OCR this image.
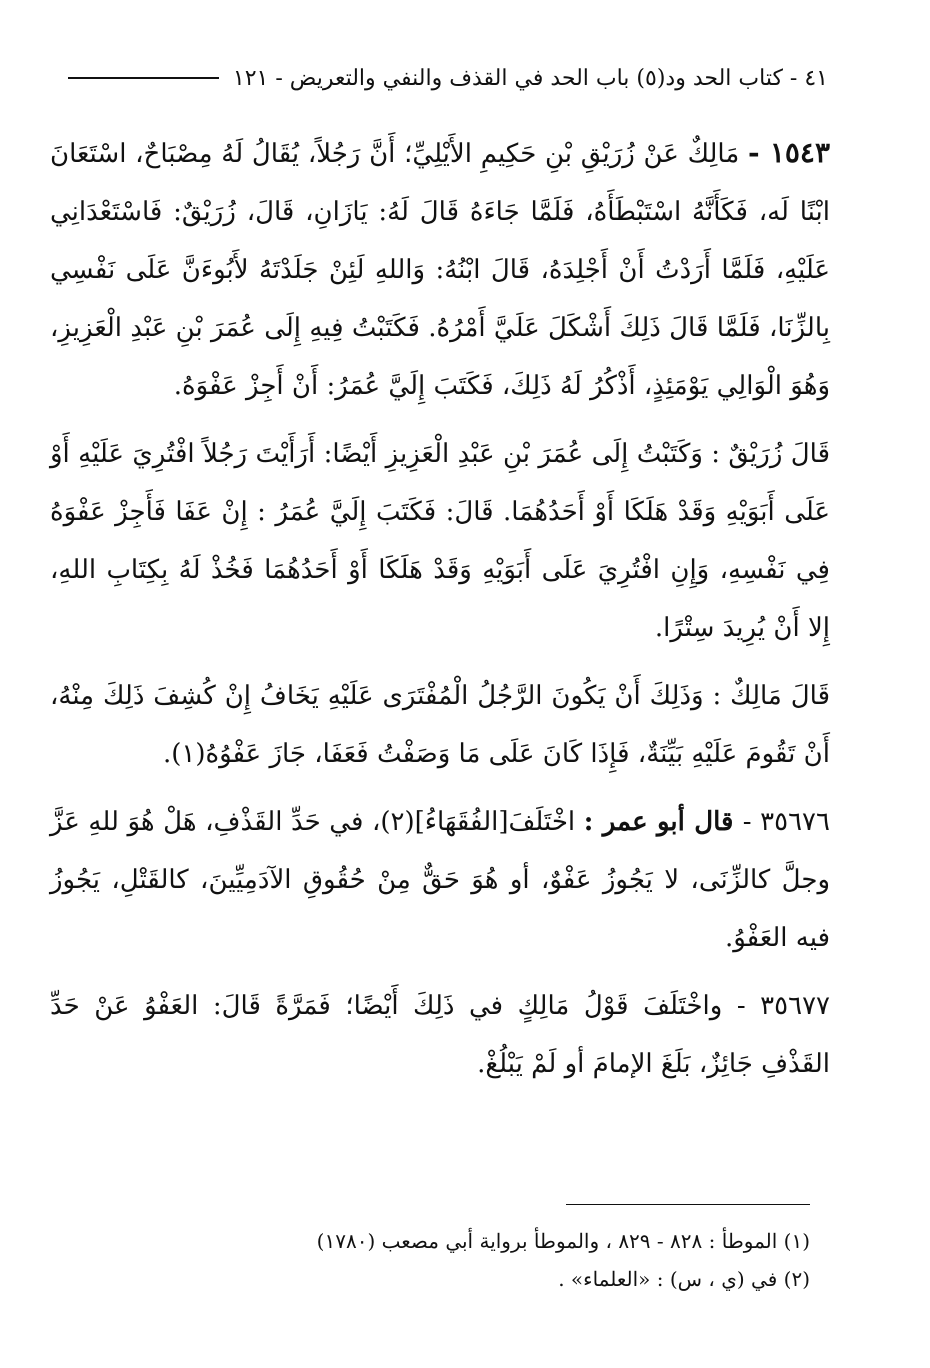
٤١ - كتاب الحد ود(٥) باب الحد في القذف والنفي والتعريض - ١٢١

١٥٤٣ - مَالِكٌ عَنْ زُرَيْقِ بْنِ حَكِيمِ الأَيْلِيِّ؛ أَنَّ رَجُلاً، يُقَالُ لَهُ مِصْبَاحٌ، اسْتَعَانَ ابْنًا لَه، فَكَأَنَّهُ اسْتَبْطَأَهُ، فَلَمَّا جَاءَهُ قَالَ لَهُ: يَازَانِ، قَالَ، زُرَيْقٌ: فَاسْتَعْدَانِي عَلَيْهِ، فَلَمَّا أَرَدْتُ أَنْ أَجْلِدَهُ، قَالَ ابْنُهُ: وَاللهِ لَئِنْ جَلَدْتَهُ لأَبُوءَنَّ عَلَى نَفْسِي بِالزِّنَا، فَلَمَّا قَالَ ذَلِكَ أَشْكَلَ عَلَيَّ أَمْرُهُ. فَكَتَبْتُ فِيهِ إِلَى عُمَرَ بْنِ عَبْدِ الْعَزِيزِ، وَهُوَ الْوَالِي يَوْمَئِذٍ، أَذْكُرُ لَهُ ذَلِكَ، فَكَتَبَ إِلَيَّ عُمَرُ: أَنْ أَجِزْ عَفْوَهُ.

قَالَ زُرَيْقٌ : وَكَتَبْتُ إِلَى عُمَرَ بْنِ عَبْدِ الْعَزِيزِ أَيْضًا: أَرَأَيْتَ رَجُلاً افْتُرِيَ عَلَيْهِ أَوْ عَلَى أَبَوَيْهِ وَقَدْ هَلَكَا أَوْ أَحَدُهُمَا. قَالَ: فَكَتَبَ إِلَيَّ عُمَرُ : إِنْ عَفَا فَأَجِزْ عَفْوَهُ فِي نَفْسِهِ، وَإِنِ افْتُرِيَ عَلَى أَبَوَيْهِ وَقَدْ هَلَكَا أَوْ أَحَدُهُمَا فَخُذْ لَهُ بِكِتَابِ اللهِ، إِلا أَنْ يُرِيدَ سِتْرًا.

قَالَ مَالِكٌ : وَذَلِكَ أَنْ يَكُونَ الرَّجُلُ الْمُفْتَرَى عَلَيْهِ يَخَافُ إِنْ كُشِفَ ذَلِكَ مِنْهُ، أَنْ تَقُومَ عَلَيْهِ بَيِّنَةٌ، فَإِذَا كَانَ عَلَى مَا وَصَفْتُ فَعَفَا، جَازَ عَفْوُهُ(١).

٣٥٦٧٦ - قال أبو عمر : اخْتَلَفَ[الفُقَهَاءُ](٢)، في حَدِّ القَذْفِ، هَلْ هُوَ للهِ عَزَّ وجلَّ كالزِّنَى، لا يَجُوزُ عَفْوٌ، أو هُوَ حَقٌّ مِنْ حُقُوقِ الآدَمِيِّينَ، كالقَتْلِ، يَجُوزُ فيه العَفْوُ.

٣٥٦٧٧ - واخْتَلَفَ قَوْلُ مَالِكٍ في ذَلِكَ أَيْضًا؛ فَمَرَّةً قَالَ: العَفْوُ عَنْ حَدِّ القَذْفِ جَائِزٌ، بَلَغَ الإمامَ أو لَمْ يَبْلُغْ.

(١) الموطأ : ٨٢٨ - ٨٢٩ ، والموطأ برواية أبي مصعب (١٧٨٠)

(٢) في (ي ، س) : «العلماء» .
